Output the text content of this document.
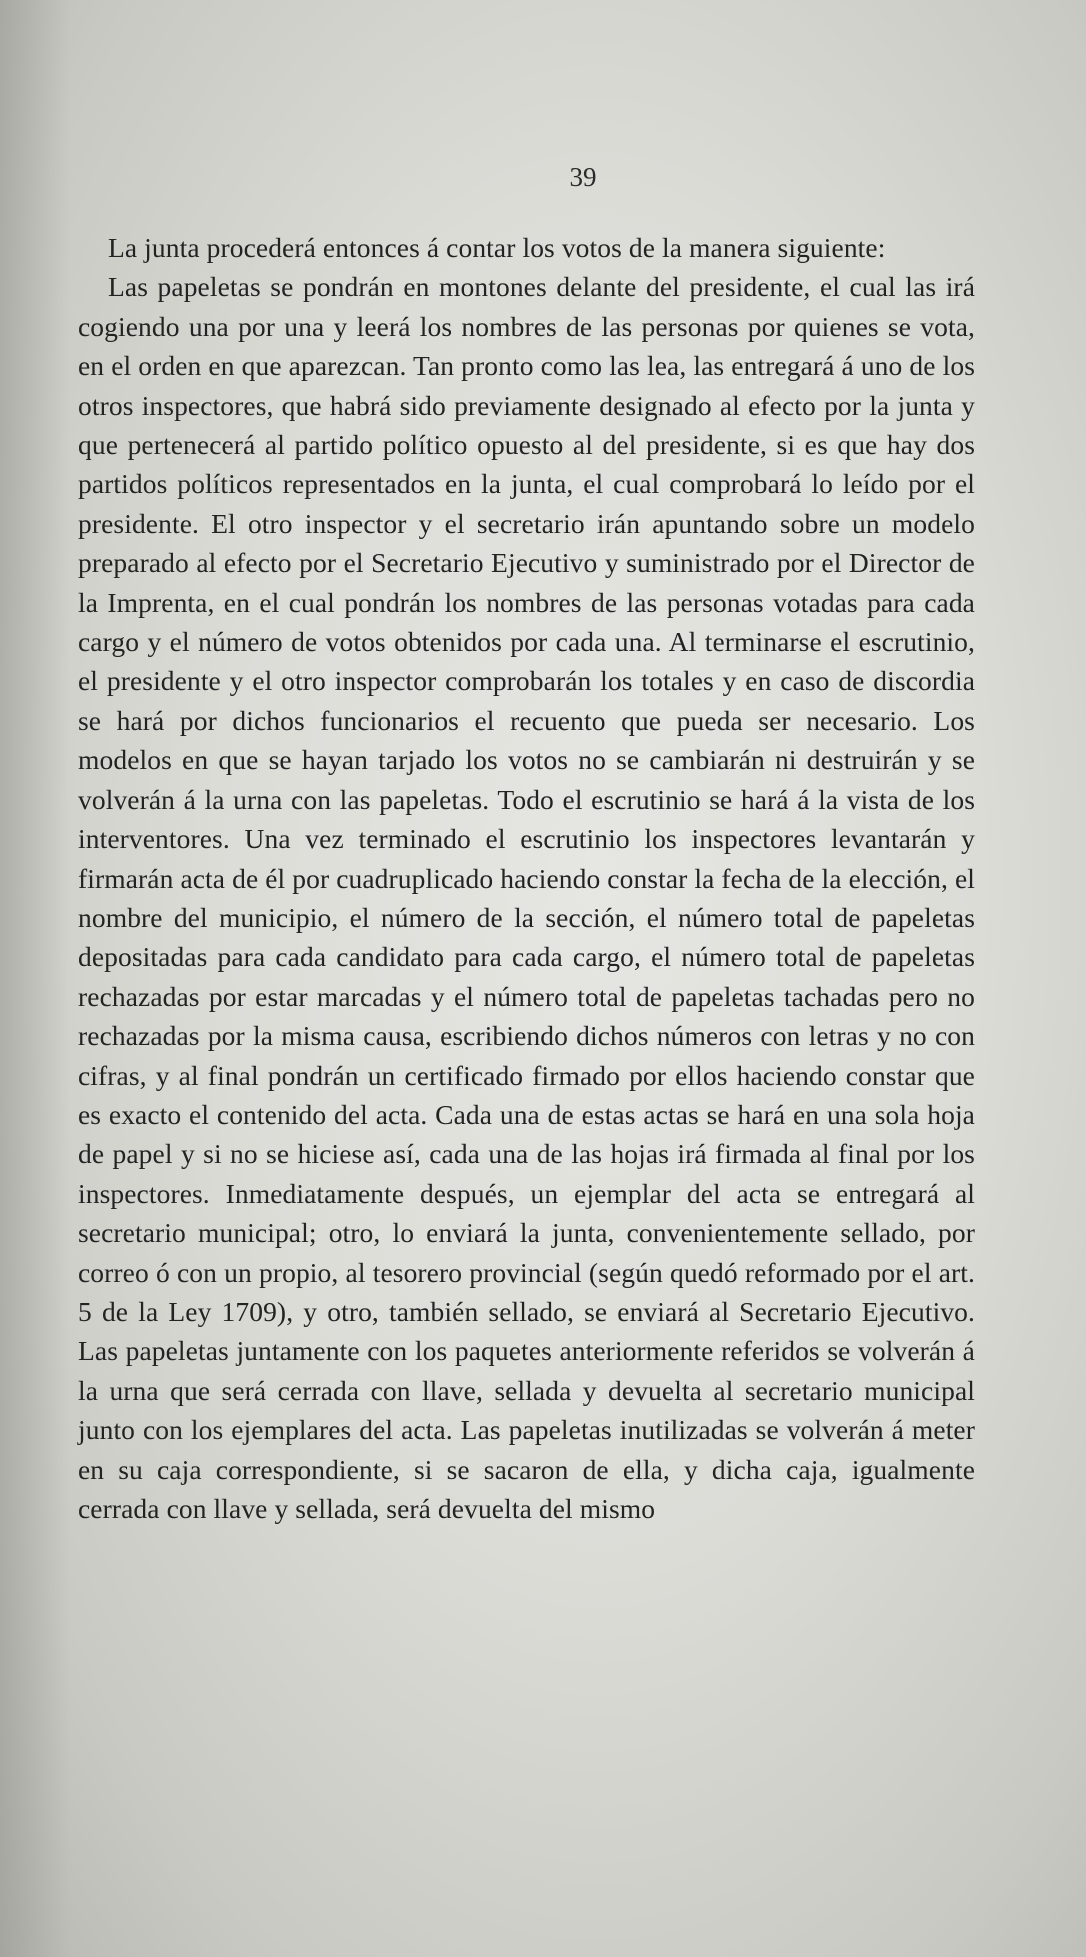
39

La junta procederá entonces á contar los votos de la manera siguiente:

Las papeletas se pondrán en montones delante del presidente, el cual las irá cogiendo una por una y leerá los nombres de las personas por quienes se vota, en el orden en que aparezcan. Tan pronto como las lea, las entregará á uno de los otros inspectores, que habrá sido previamente designado al efecto por la junta y que pertenecerá al partido político opuesto al del presidente, si es que hay dos partidos políticos representados en la junta, el cual comprobará lo leído por el presidente. El otro inspector y el secretario irán apuntando sobre un modelo preparado al efecto por el Secretario Ejecutivo y suministrado por el Director de la Imprenta, en el cual pondrán los nombres de las personas votadas para cada cargo y el número de votos obtenidos por cada una. Al terminarse el escrutinio, el presidente y el otro inspector comprobarán los totales y en caso de discordia se hará por dichos funcionarios el recuento que pueda ser necesario. Los modelos en que se hayan tarjado los votos no se cambiarán ni destruirán y se volverán á la urna con las papeletas. Todo el escrutinio se hará á la vista de los interventores. Una vez terminado el escrutinio los inspectores levantarán y firmarán acta de él por cuadruplicado haciendo constar la fecha de la elección, el nombre del municipio, el número de la sección, el número total de papeletas depositadas para cada candidato para cada cargo, el número total de papeletas rechazadas por estar marcadas y el número total de papeletas tachadas pero no rechazadas por la misma causa, escribiendo dichos números con letras y no con cifras, y al final pondrán un certificado firmado por ellos haciendo constar que es exacto el contenido del acta. Cada una de estas actas se hará en una sola hoja de papel y si no se hiciese así, cada una de las hojas irá firmada al final por los inspectores. Inmediatamente después, un ejemplar del acta se entregará al secretario municipal; otro, lo enviará la junta, convenientemente sellado, por correo ó con un propio, al tesorero provincial (según quedó reformado por el art. 5 de la Ley 1709), y otro, también sellado, se enviará al Secretario Ejecutivo. Las papeletas juntamente con los paquetes anteriormente referidos se volverán á la urna que será cerrada con llave, sellada y devuelta al secretario municipal junto con los ejemplares del acta. Las papeletas inutilizadas se volverán á meter en su caja correspondiente, si se sacaron de ella, y dicha caja, igualmente cerrada con llave y sellada, será devuelta del mismo
